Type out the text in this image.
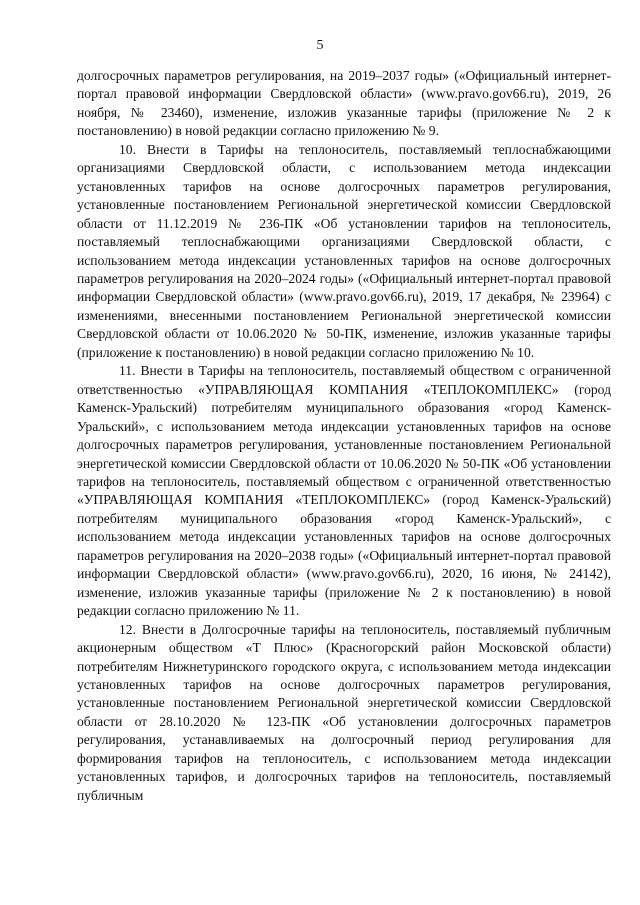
5

долгосрочных параметров регулирования, на 2019–2037 годы» («Официальный интернет-портал правовой информации Свердловской области» (www.pravo.gov66.ru), 2019, 26 ноября, № 23460), изменение, изложив указанные тарифы (приложение № 2 к постановлению) в новой редакции согласно приложению № 9.

10. Внести в Тарифы на теплоноситель, поставляемый теплоснабжающими организациями Свердловской области, с использованием метода индексации установленных тарифов на основе долгосрочных параметров регулирования, установленные постановлением Региональной энергетической комиссии Свердловской области от 11.12.2019 № 236-ПК «Об установлении тарифов на теплоноситель, поставляемый теплоснабжающими организациями Свердловской области, с использованием метода индексации установленных тарифов на основе долгосрочных параметров регулирования на 2020–2024 годы» («Официальный интернет-портал правовой информации Свердловской области» (www.pravo.gov66.ru), 2019, 17 декабря, № 23964) с изменениями, внесенными постановлением Региональной энергетической комиссии Свердловской области от 10.06.2020 № 50-ПК, изменение, изложив указанные тарифы (приложение к постановлению) в новой редакции согласно приложению № 10.

11. Внести в Тарифы на теплоноситель, поставляемый обществом с ограниченной ответственностью «УПРАВЛЯЮЩАЯ КОМПАНИЯ «ТЕПЛОКОМПЛЕКС» (город Каменск-Уральский) потребителям муниципального образования «город Каменск-Уральский», с использованием метода индексации установленных тарифов на основе долгосрочных параметров регулирования, установленные постановлением Региональной энергетической комиссии Свердловской области от 10.06.2020 № 50-ПК «Об установлении тарифов на теплоноситель, поставляемый обществом с ограниченной ответственностью «УПРАВЛЯЮЩАЯ КОМПАНИЯ «ТЕПЛОКОМПЛЕКС» (город Каменск-Уральский) потребителям муниципального образования «город Каменск-Уральский», с использованием метода индексации установленных тарифов на основе долгосрочных параметров регулирования на 2020–2038 годы» («Официальный интернет-портал правовой информации Свердловской области» (www.pravo.gov66.ru), 2020, 16 июня, № 24142), изменение, изложив указанные тарифы (приложение № 2 к постановлению) в новой редакции согласно приложению № 11.

12. Внести в Долгосрочные тарифы на теплоноситель, поставляемый публичным акционерным обществом «Т Плюс» (Красногорский район Московской области) потребителям Нижнетуринского городского округа, с использованием метода индексации установленных тарифов на основе долгосрочных параметров регулирования, установленные постановлением Региональной энергетической комиссии Свердловской области от 28.10.2020 № 123-ПК «Об установлении долгосрочных параметров регулирования, устанавливаемых на долгосрочный период регулирования для формирования тарифов на теплоноситель, с использованием метода индексации установленных тарифов, и долгосрочных тарифов на теплоноситель, поставляемый публичным
